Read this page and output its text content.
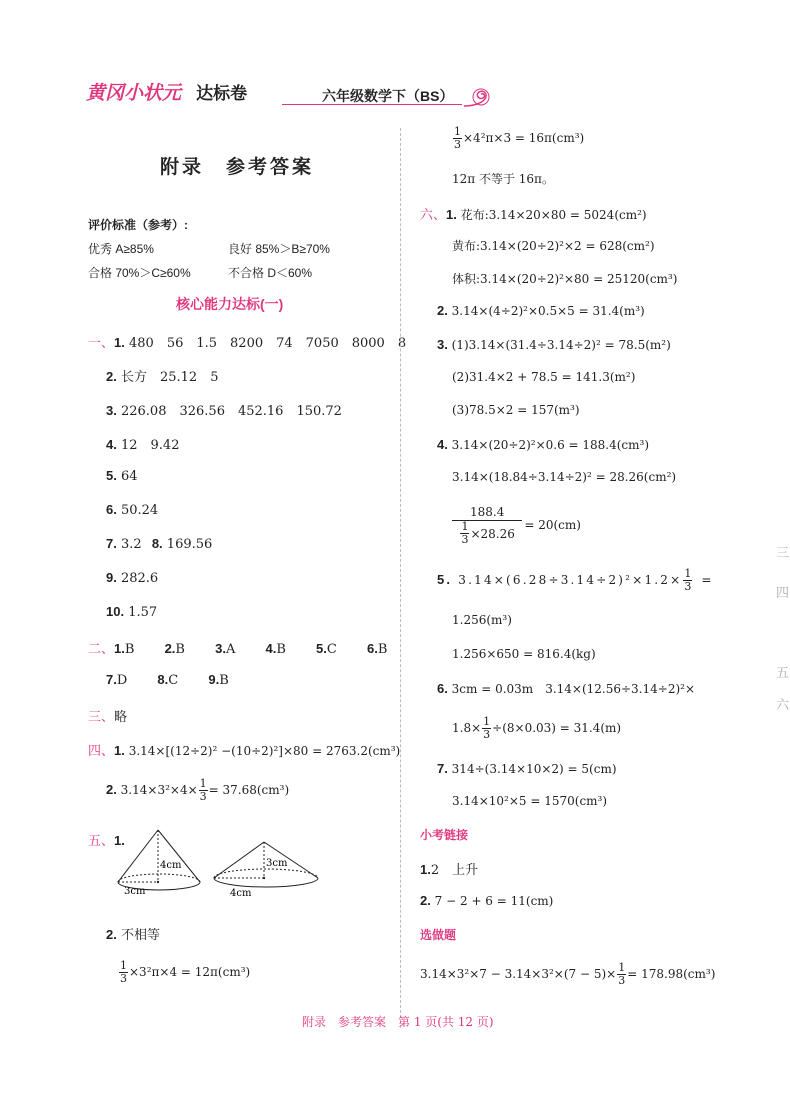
黄冈小状元 达标卷	六年级数学下（BS）
附录　参考答案
评价标准（参考）:
优秀 A≥85%	良好 85%＞B≥70%
合格 70%＞C≥60%	不合格 D＜60%
核心能力达标(一)
一、1. 480　56　1.5　8200　74　7050　8000　8
2. 长方　25.12　5
3. 226.08　326.56　452.16　150.72
4. 12　9.42
5. 64
6. 50.24
7. 3.2 8. 169.56
9. 282.6
10. 1.57
二、1.B 2.B 3.A 4.B 5.C 6.B
7.D 8.C 9.B
三、略
四、1. 3.14×[(12÷2)² −(10÷2)²]×80 = 2763.2(cm³)
2. $3.14\times 3^2\times 4\times \frac{1}{3} = 37.68(cm^3)$
五、1.
4cm
3cm
3cm
4cm
2. 不相等
$\frac{1}{3} \times 3^2\pi\times 4 = 12\pi(cm^3)$
$\frac{1}{3} \times 4^2\pi\times 3 = 16\pi(cm^3)$
12π 不等于 16π。
六、1. 花布:3.14×20×80 = 5024(cm²)
黄布:3.14×(20÷2)²×2 = 628(cm²)
体积:3.14×(20÷2)²×80 = 25120(cm³)
2. 3.14×(4÷2)²×0.5×5 = 31.4(m³)
3. (1)3.14×(31.4÷3.14÷2)² = 78.5(m²)
(2)31.4×2 + 78.5 = 141.3(m²)
(3)78.5×2 = 157(m³)
4. 3.14×(20÷2)²×0.6 = 188.4(cm³)
3.14×(18.84÷3.14÷2)² = 28.26(cm²)
$\frac{188.4}{\frac{1}{3} \times 28.26} = 20(cm)$
5. $3.14\times(6.28\div 3.14\div 2)^2\times 1.2\times \frac{1}{3}$ =
1.256(m³)
1.256×650 = 816.4(kg)
6. 3cm = 0.03m　3.14×(12.56÷3.14÷2)²×
$1.8\times \frac{1}{3} \div(8\times 0.03) = 31.4(m)$
7. 314÷(3.14×10×2) = 5(cm)
3.14×10²×5 = 1570(cm³)
小考链接
1.2　上升
2. 7 − 2 + 6 = 11(cm)
选做题
$3.14\times 3^2\times 7 - 3.14\times 3^2\times(7 - 5)\times \frac{1}{3} = 178.98(cm^3)$
三
四
五
六
附录　参考答案　第 1 页(共 12 页)
